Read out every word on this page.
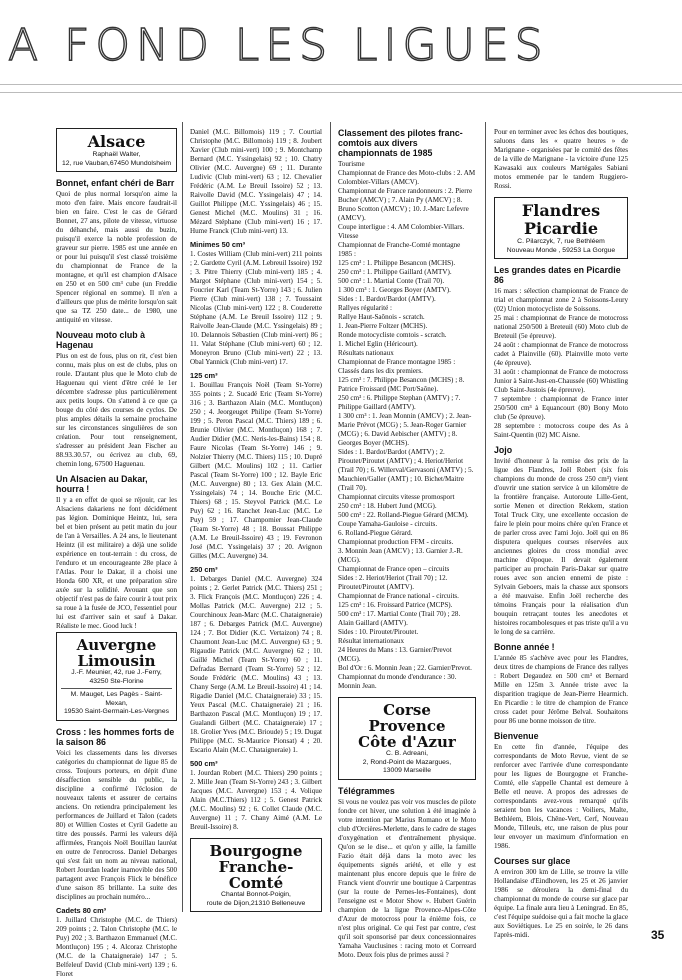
A FOND LES LIGUES
Alsace
Raphaël Walter,
12, rue Vauban,67450 Mundolsheim
Bonnet, enfant chéri de Barr

Quoi de plus normal lorsqu'on aime la moto d'en faire. Mais encore faudrait-il bien en faire. C'est le cas de Gérard Bonnet, 27 ans, pilote de vitesse, virtuose du déhanché, mais aussi du buzin, puisqu'il exerce la noble profession de graveur sur pierre. 1985 est une année en or pour lui puisqu'il s'est classé troisième du championnat de France de la montagne, et qu'il est champion d'Alsace en 250 et en 500 cm³ cube (un Freddie Spencer régional en somme). Il n'en a d'ailleurs que plus de mérite lorsqu'on sait que sa TZ 250 date... de 1980, une antiquité en vitesse.

Nouveau moto club à Hagenau

Plus on est de fous, plus on rit, c'est bien connu, mais plus on est de clubs, plus on roule. D'autant plus que le Moto club de Haguenau qui vient d'être créé le 1er décembre s'adresse plus particulièrement aux petits loups. On s'attend à ce que ça bouge du côté des courses de cyclos. De plus amples détails la semaine prochaine sur les circonstances singulières de son création. Pour tout renseignement, s'adresser au président Jean Fischer au 88.93.30.57, ou écrivez au club, 69, chemin long, 67500 Haguenau.

Un Alsacien au Dakar, hourra !

Il y a en effet de quoi se réjouir, car les Alsaciens dakariens ne font décidément pas légion. Dominique Heintz, lui, sera bel et bien présent au petit matin du jour de l'an à Versailles. A 24 ans, le lieutenant Heintz (il est militaire) a déjà une solide expérience en tout-terrain : du cross, de l'enduro et un encourageante 28e place à l'Atlas. Pour le Dakar, il a choisi une Honda 600 XR, et une préparation sûre axée sur la solidité. Avouant que son objectif n'est pas de faire courir à tout prix sa roue à la fusée de JCO, l'essentiel pour lui est d'arriver sain et sauf à Dakar. Réaliste le mec. Good luck !

Auvergne
Limousin
J.-F. Meunier, 42, rue J.-Ferry,
43250 Ste-Florine
M. Mauget, Les Pagès - Saint-Mexan,
19530 Saint-Germain-Les-Vergnes
Cross : les hommes forts de la saison 86

Voici les classements dans les diverses catégories du championnat de ligue 85 de cross. Toujours porteurs, en dépit d'une désaffection sensible du public, la discipline a confirmé l'éclosion de nouveaux talents et assurer de certains anciens. On retiendra principalement les performances de Juillard et Talon (cadets 80) et Willien Costes et Cyril Gadette au titre des poussés. Parmi les valeurs déjà affirmées, François Noël Bouillau lauréat en outre de l'enrocross. Daniel Debarges qui s'est fait un nom au niveau national, Robert Jourdan leader inamovible des 500 partagent avec François Flick le bénéfice d'une saison 85 brillante. La suite des disciplines au prochain numéro...

Cadets 80 cm³

1. Juillard Christophe (M.C. de Thiers) 209 points ; 2. Talon Christophe (M.C. le Puy) 202 ; 3. Barthazon Emmanuel (M.C. Montluçon) 195 ; 4. Alcoraz Christophe (M.C. de la Chataigneraie) 147 ; 5. Belfeleuf David (Club mini-vert) 139 ; 6. Floret

Daniel (M.C. Billomois) 119 ; 7. Courtial Christophe (M.C. Billomois) 119 ; 8. Joubert Xavier (Club mini-vert) 100 ; 9. Montchamp Bernard (M.C. Yssingelais) 92 ; 10. Chatry Olivier (M.C. Auvergne) 69 ; 11. Durante Ludivic (Club mini-vert) 63 ; 12. Chevalier Frédéric (A.M. Le Breuil Issoire) 52 ; 13. Raivolle David (M.C. Yssingelais) 47 ; 14. Guillot Philippe (M.C. Yssingelais) 46 ; 15. Genest Michel (M.C. Moulins) 31 ; 16. Mézard Stéphane (Club mini-vert) 16 ; 17. Hume Franck (Club mini-vert) 13.

Minimes 50 cm³

1. Costes William (Club mini-vert) 211 points ; 2. Gardette Cyril (A.M. Lebreuil Issoire) 192 ; 3. Pitre Thierry (Club mini-vert) 185 ; 4. Margot Stéphane (Club mini-vert) 154 ; 5. Foucrier Karl (Team St-Yorre) 143 ; 6. Julien Pierre (Club mini-vert) 138 ; 7. Toussaint Nicolas (Club mini-vert) 122 ; 8. Couderette Stéphane (A.M. Le Breuil Issoire) 112 ; 9. Raivolle Jean-Claude (M.C. Yssingelais) 89 ; 10. Delannois Sébastien (Club mini-vert) 86 ; 11. Valat Stéphane (Club mini-vert) 60 ; 12. Moneyron Bruno (Club mini-vert) 22 ; 13. Obal Yannick (Club mini-vert) 17.

125 cm³

1. Bouillau François Noël (Team St-Yorre) 355 points ; 2. Sucadé Eric (Team St-Yorre) 316 ; 3. Barthazon Alain (M.C. Montluçon) 250 ; 4. Jeorgeuget Philipe (Team St-Yorre) 199 ; 5. Peron Pascal (M.C. Thiers) 189 ; 6. Brunie Olivier (M.C. Montluçon) 168 ; 7. Audier Didier (M.C. Neris-les-Bains) 154 ; 8. Faure Nicolas (Team St-Yorre) 146 ; 9. Nolzier Thierry (M.C. Thiers) 115 ; 10. Dupré Gilbert (M.C. Moulins) 102 ; 11. Carlier Pascal (Team St-Yorre) 100 ; 12. Bayle Eric (M.C. Auvergne) 80 ; 13. Gex Alain (M.C. Yssingelais) 74 ; 14. Bouche Eric (M.C. Thiers) 68 ; 15. Steyvol Patrick (M.C. Le Puy) 62 ; 16. Ranchet Jean-Luc (M.C. Le Puy) 59 ; 17. Champomier Jean-Claude (Team St-Yorre) 48 ; 18. Boussat Philippe (A.M. Le Breuil-Issoire) 43 ; 19. Fevronon José (M.C. Yssingelais) 37 ; 20. Avignon Gilles (M.C. Auvergne) 34.

250 cm³

1. Debarges Daniel (M.C. Auvergne) 324 points ; 2. Gerlet Patrick (M.C. Thiers) 251 ; 3. Flick François (M.C. Montluçon) 226 ; 4. Mollas Patrick (M.C. Auvergne) 212 ; 5. Courchinoux Jean-Marc (M.C. Chataigneraie) 187 ; 6. Debarges Patrick (M.C. Auvergne) 124 ; 7. Bot Didier (K.C. Vertaizon) 74 ; 8. Chaumont Jean-Luc (M.C. Auvergne) 63 ; 9. Rigaudie Patrick (M.C. Auvergne) 62 ; 10. Gaillé Michel (Team St-Yorre) 60 ; 11. Defradas Bernard (Team St-Yorre) 52 ; 12. Soude Frédéric (M.C. Moulins) 43 ; 13. Chany Serge (A.M. Le Breuil-Issoire) 41 ; 14. Rigadie Daniel (M.C. Chataigneraie) 33 ; 15. Yeux Pascal (M.C. Chataigneraie) 21 ; 16. Barthazon Pascal (M.C. Montluçon) 19 ; 17. Gualandi Gilbert (M.C. Chataigneraie) 17 ; 18. Grolier Yves (M.C. Brioude) 5 ; 19. Dugat Philippe (M.C. St-Maurice Pionsat) 4 ; 20. Escario Alain (M.C. Chataigneraie) 1.

500 cm³

1. Jourdan Robert (M.C. Thiers) 290 points ; 2. Mille Jean (Team St-Yorre) 243 ; 3. Gilbert Jacques (M.C. Auvergne) 153 ; 4. Volique Alain (M.C.Thiers) 112 ; 5. Genest Patrick (M.C. Moulins) 92 ; 6. Collet Claude (M.C. Auvergne) 11 ; 7. Chany Aimé (A.M. Le Breuil-Issoire) 8.

Bourgogne
Franche-
Comté
Chantal Bonnot-Poigin,
route de Dijon,21310 Belleneuve
Classement des pilotes franc-comtois aux divers championnats de 1985

Tourisme
Championnat de France des Moto-clubs : 2. AM Colombier-Villars (AMCV).
Championnat de France randonneurs : 2. Pierre Bucher (AMCV) ; 7. Alain Py (AMCV) ; 8. Bruno Scotton (AMCV) ; 10. J.-Marc Lefevre (AMCV).
Coupe interligue : 4. AM Colombier-Villars.
Vitesse
Championnat de Franche-Comté montagne 1985 :
125 cm³ : 1. Philippe Besancon (MCHS).
250 cm³ : 1. Philippe Gaillard (AMTV).
500 cm³ : 1. Martial Conte (Trail 70).
1 300 cm³ : 1. Georges Boyer (AMTV).
Sides : 1. Bardot/Bardot (AMTV).
Rallyes régularité :
Rallye Haut-Saônois - scratch.
1. Jean-Pierre Foltzer (MCHS).
Ronde motocycliste comtois - scratch.
1. Michel Eglin (Héricourt).
Résultats nationaux
Championnat de France montagne 1985 : Classés dans les dix premiers.
125 cm³ : 7. Philippe Besancon (MCHS) ; 8. Patrice Froissard (MC Port/Saône).
250 cm³ : 6. Philippe Stephan (AMTV) ; 7. Philippe Gaillard (AMTV).
1 300 cm³ : 1. Jean Monnin (AMCV) ; 2. Jean-Marie Prévot (MCG) ; 5. Jean-Roger Garnier (MCG) ; 6. David Aebischer (AMTV) ; 8. Georges Boyer (MCHS).
Sides : 1. Bardot/Bardot (AMTV) ; 2. Piroutet/Piroutet (AMTV) ; 4. Heriot/Heriot (Trail 70) ; 6. Willerval/Gervasoni (AMTV) ; 5. Mauchien/Galler (AMT) ; 10. Bichet/Maitre (Trail 70).
Championnat circuits vitesse promosport
250 cm³ : 18. Hubert Jund (MCG).
500 cm³ : 22. Rolland-Piegue Gérard (MCM).
Coupe Yamaha-Gauloise - circuits.
6. Rolland-Piegue Gérard.
Championnat production FFM - circuits.
3. Monnin Jean (AMCV) ; 13. Garnier J.-R. (MCG).
Championnat de France open – circuits
Sides : 2. Heriot/Heriot (Trail 70) ; 12. Piroutet/Piroutet (AMTV).
Championnat de France national - circuits.
125 cm³ : 16. Froissard Patrice (MCPS).
500 cm³ : 17. Martial Conte (Trail 70) ; 28. Alain Gaillard (AMTV).
Sides : 10. Piroutet/Piroutet.
Résultat internationaux
24 Heures du Mans : 13. Garnier/Prevot (MCG).
Bol d'Or : 6. Monnin Jean ; 22. Garnier/Prevot.
Championnat du monde d'endurance : 30. Monnin Jean.

Corse
Provence
Côte d'Azur
C. B. Adreani,
2, Rond-Point de Mazargues,
13009 Marseille
Télégrammes

Si vous ne voulez pas voir vos muscles de pilote fondre cet hiver, une solution à été imaginée à votre intention par Marius Romano et le Moto club d'Orcières-Merlette, dans le cadre de stages d'oxygénation et d'entraînement physique. Qu'on se le dise... et qu'on y aille, la famille Fazio était déjà dans la moto avec les équipements signés ariété, et elle y est maintenant plus encore depuis que le frère de Franck vient d'ouvrir une boutique à Carpentras (sur la route de Pernes-les-Fontaines), dont l'enseigne est « Motor Show ». Hubert Guérin champion de la ligue Provence-Alpes-Côte d'Azur de motocross pour la énième fois, ce n'est plus original. Ce qui l'est par contre, c'est qu'il soit sponsorisé par deux concessionnaires Yamaha Vauclusines : racing moto et Correard Moto. Deux fois plus de primes aussi ?

Pour en terminer avec les échos des boutiques, saluons dans les « quatre heures » de Marignane - organisées par le comité des fêtes de la ville de Marignane - la victoire d'une 125 Kawasaki aux couleurs Martégales Sabiani motos emmenée par le tandem Ruggiero-Rossi.

Flandres
Picardie
C. Pilarczyk, 7, rue Bethléem
Nouveau Monde , 59253 La Gorgue
Les grandes dates en Picardie 86

16 mars : sélection championnat de France de trial et championnat zone 2 à Soissons-Leury (02) Union motocycliste de Soissons.
25 mai : championnat de France de motocross national 250/500 à Breteuil (60) Moto club de Breteuil (5e épreuve).
24 août : championnat de France de motocross cadet à Plainville (60). Plainville moto verte (4e épreuve).
31 août : championnat de France de motocross Junior à Saint-Just-en-Chaussée (60) Whistling Club Saint-Justois (4e épreuve).
7 septembre : championnat de France inter 250/500 cm³ à Equancourt (80) Bony Moto club (5e épreuve).
28 septembre : motocross coupe des As à Saint-Quentin (02) MC Aisne.

Jojo

Invité d'honneur à la remise des prix de la ligue des Flandres, Joël Robert (six fois champions du monde de cross 250 cm³) vient d'ouvrir une station service à un kilomètre de la frontière française. Autoroute Lille-Gent, sortie Menen et direction Rekkem, station Total Truck City, une excellente occasion de faire le plein pour moins chère qu'en France et de parler cross avec l'ami Jojo. Joël qui en 86 disputera quelques courses réservées aux anciennes gloires du cross mondial avec machine d'époque. Il devait également participer au prochain Paris-Dakar sur quatre roues avec son ancien ennemi de piste : Sylvain Geboers, mais la chasse aux sponsors a été mauvaise. Enfin Joël recherche des témoins Français pour la réalisation d'un bouquin retraçant toutes les anecdotes et histoires rocambolesques et pas triste qu'il a vu le long de sa carrière.

Bonne année !

L'année 85 s'achève avec pour les Flandres, deux titres de champions de France des rallyes : Robert Degaudez en 500 cm³ et Bernard Mille en 125m 3. Année triste avec la disparition tragique de Jean-Pierre Hearmich. En Picardie : le titre de champion de France cross cadet pour Jérôme Belval. Souhaitons pour 86 une bonne moisson de titre.

Bienvenue

En cette fin d'année, l'équipe des correspondants de Moto Revue, vient de se renforcer avec l'arrivée d'une correspondante pour les ligues de Bourgogne et Franche-Comté, elle s'appelle Chantal est demeure à Belle etl neuve. A propos des adresses de correspondants avez-vous remarqué qu'ils seraient bon les vacances : Voiliers, Malte, Bethléem, Blois, Chêne-Vert, Cerf, Nouveau Monde, Tilleuls, etc, une raison de plus pour leur envoyer un maximum d'information en 1986.

Courses sur glace

A environ 300 km de Lille, se trouve la ville Hollandaise d'Eindhoven, les 25 et 26 janvier 1986 se déroulera la demi-final du championnat du monde de course sur glace par équipe. La finale aura lieu à Leningrad. En 85, c'est l'équipe suédoise qui a fait moche la glace aux Soviétiques. Le 25 en soirée, le 26 dans l'après-midi.	35
